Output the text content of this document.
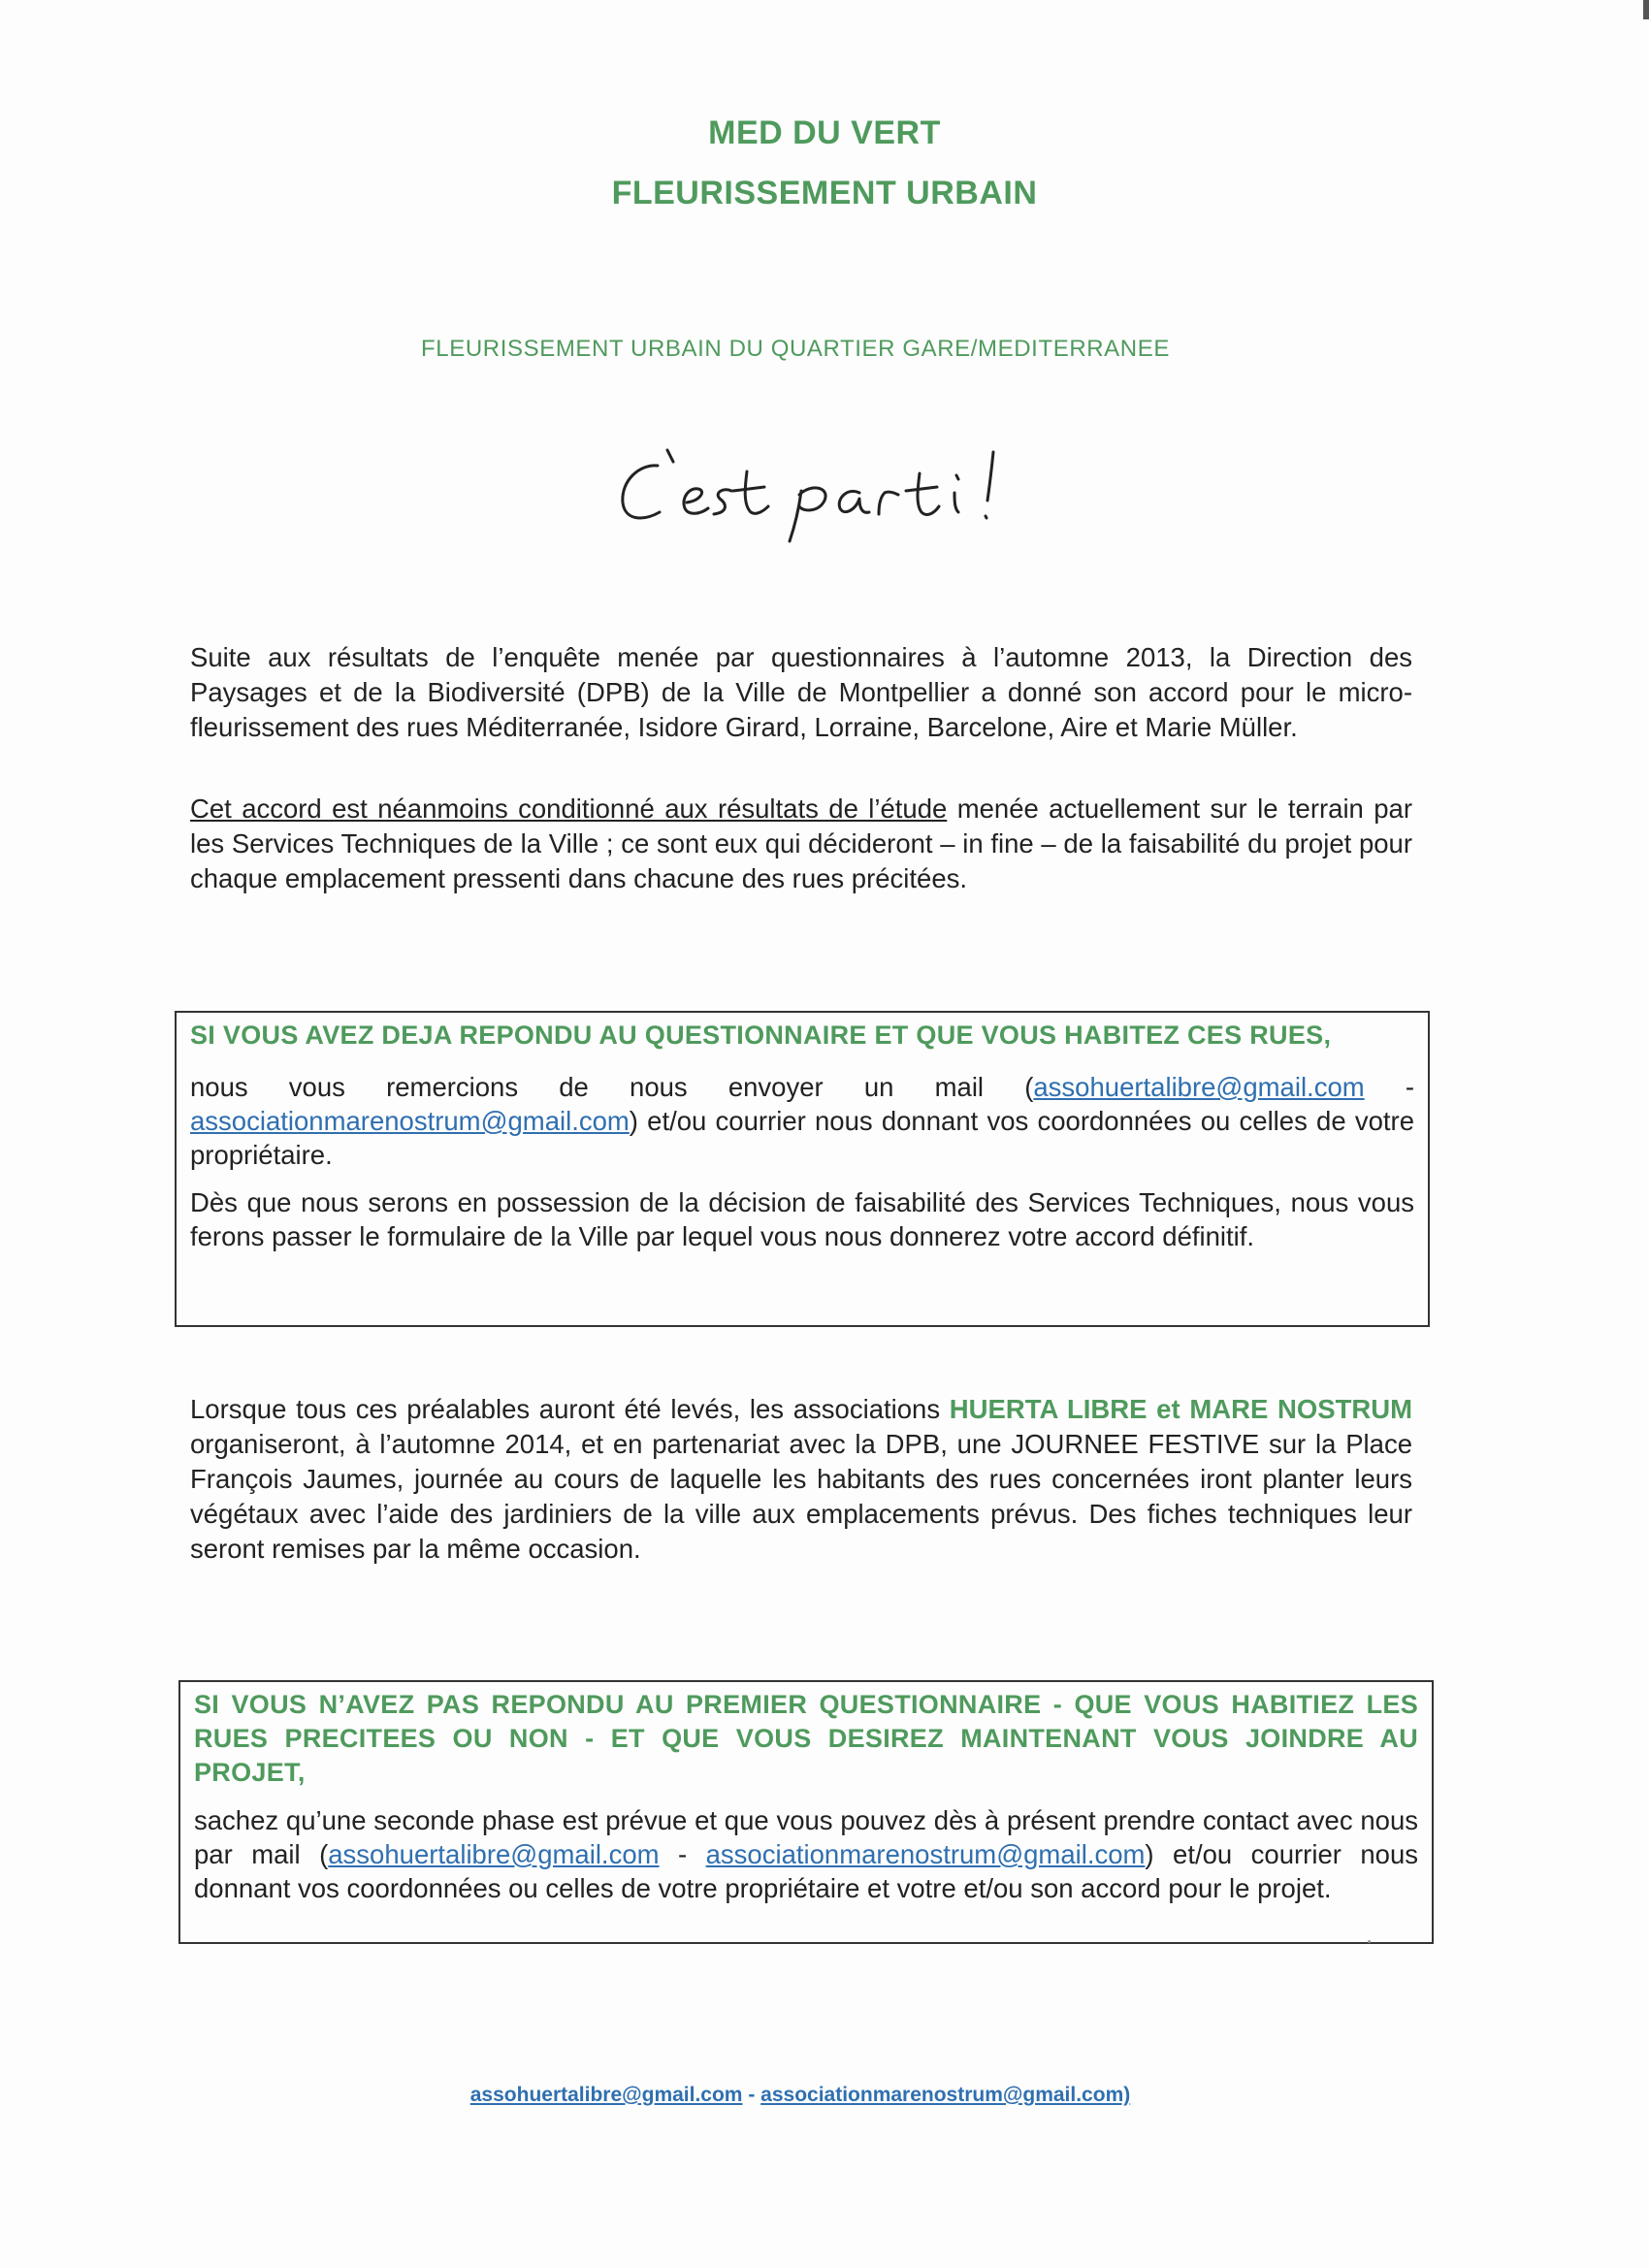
MED DU VERT
FLEURISSEMENT URBAIN
FLEURISSEMENT URBAIN DU QUARTIER GARE/MEDITERRANEE

Suite aux résultats de l’enquête menée par questionnaires à l’automne 2013, la Direction des Paysages et de la Biodiversité (DPB) de la Ville de Montpellier a donné son accord pour le micro-fleurissement des rues Méditerranée, Isidore Girard, Lorraine, Barcelone, Aire et Marie Müller.

Cet accord est néanmoins conditionné aux résultats de l’étude menée actuellement sur le terrain par les Services Techniques de la Ville ; ce sont eux qui décideront – in fine – de la faisabilité du projet pour chaque emplacement pressenti dans chacune des rues précitées.

SI VOUS AVEZ DEJA REPONDU AU QUESTIONNAIRE ET QUE VOUS HABITEZ CES RUES,
nous vous remercions de nous envoyer un mail (assohuertalibre@gmail.com - associationmarenostrum@gmail.com) et/ou courrier nous donnant vos coordonnées ou celles de votre propriétaire.
Dès que nous serons en possession de la décision de faisabilité des Services Techniques, nous vous ferons passer le formulaire de la Ville par lequel vous nous donnerez votre accord définitif.

Lorsque tous ces préalables auront été levés, les associations HUERTA LIBRE et MARE NOSTRUM organiseront, à l’automne 2014, et en partenariat avec la DPB, une JOURNEE FESTIVE sur la Place François Jaumes, journée au cours de laquelle les habitants des rues concernées iront planter leurs végétaux avec l’aide des jardiniers de la ville aux emplacements prévus. Des fiches techniques leur seront remises par la même occasion.

SI VOUS N’AVEZ PAS REPONDU AU PREMIER QUESTIONNAIRE - QUE VOUS HABITIEZ LES RUES PRECITEES OU NON - ET QUE VOUS DESIREZ MAINTENANT VOUS JOINDRE AU PROJET,
sachez qu’une seconde phase est prévue et que vous pouvez dès à présent prendre contact avec nous par mail (assohuertalibre@gmail.com - associationmarenostrum@gmail.com) et/ou courrier nous donnant vos coordonnées ou celles de votre propriétaire et votre et/ou son accord pour le projet.
assohuertalibre@gmail.com - associationmarenostrum@gmail.com)
